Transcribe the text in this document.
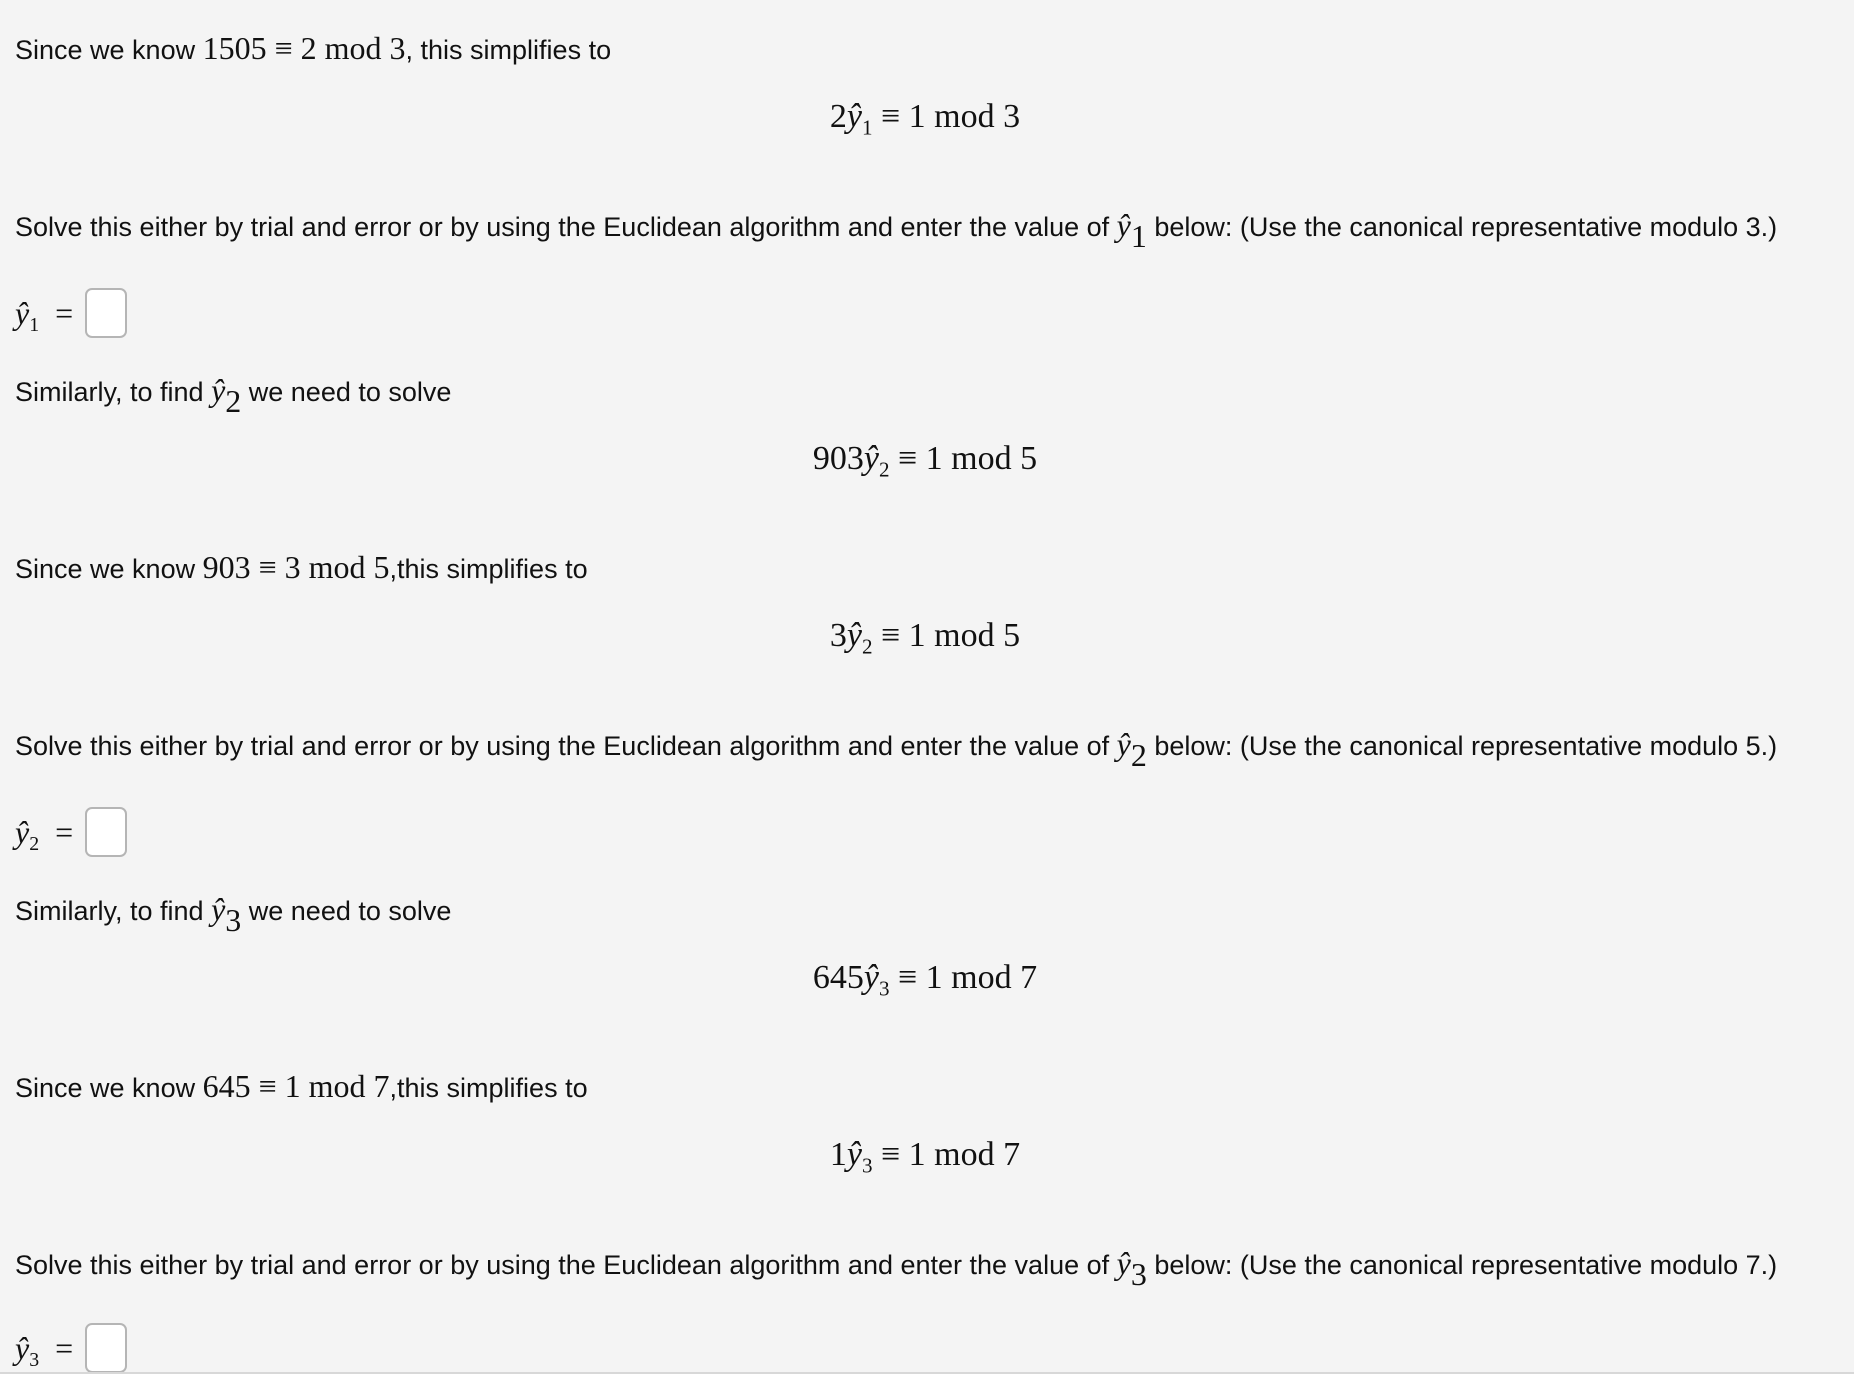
Since we know 1505 ≡ 2 mod 3, this simplifies to
$2ŷ_1 \equiv 1$ mod 3
Solve this either by trial and error or by using the Euclidean algorithm and enter the value of $ŷ_1$ below: (Use the canonical representative modulo 3.)
$ŷ_1$ =
Similarly, to find $ŷ_2$ we need to solve
$903ŷ_2 \equiv 1$ mod 5
Since we know 903 ≡ 3 mod 5,this simplifies to
$3ŷ_2 \equiv 1$ mod 5
Solve this either by trial and error or by using the Euclidean algorithm and enter the value of $ŷ_2$ below: (Use the canonical representative modulo 5.)
$ŷ_2$ =
Similarly, to find $ŷ_3$ we need to solve
$645ŷ_3 \equiv 1$ mod 7
Since we know 645 ≡ 1 mod 7,this simplifies to
$1ŷ_3 \equiv 1$ mod 7
Solve this either by trial and error or by using the Euclidean algorithm and enter the value of $ŷ_3$ below: (Use the canonical representative modulo 7.)
$ŷ_3$ =
